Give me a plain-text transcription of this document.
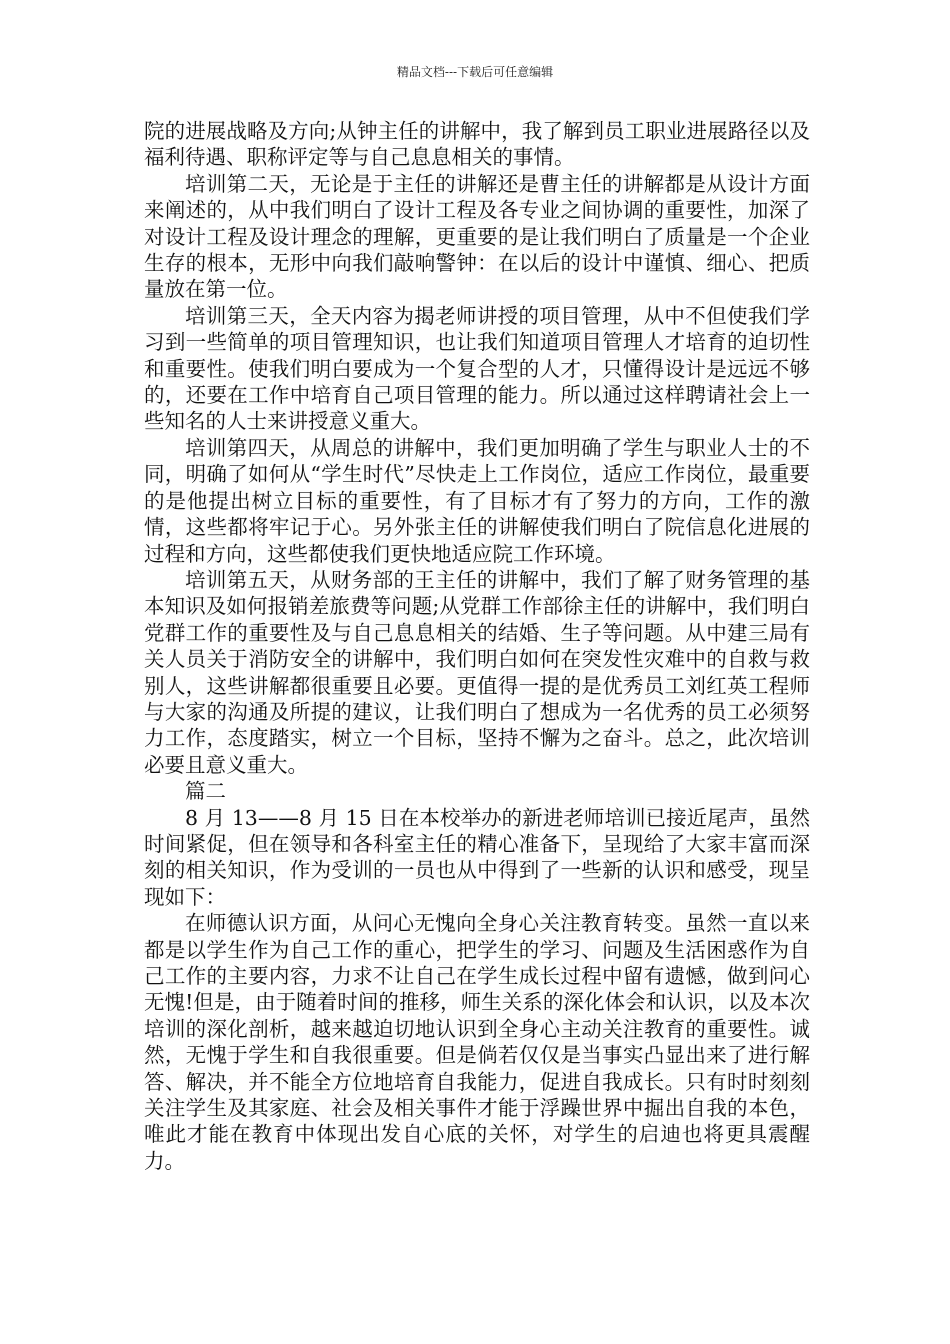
精品文档---下载后可任意编辑

院的进展战略及方向;从钟主任的讲解中，我了解到员工职业进展路径以及福利待遇、职称评定等与自己息息相关的事情。

培训第二天，无论是于主任的讲解还是曹主任的讲解都是从设计方面来阐述的，从中我们明白了设计工程及各专业之间协调的重要性，加深了对设计工程及设计理念的理解，更重要的是让我们明白了质量是一个企业生存的根本，无形中向我们敲响警钟：在以后的设计中谨慎、细心、把质量放在第一位。

培训第三天，全天内容为揭老师讲授的项目管理，从中不但使我们学习到一些简单的项目管理知识，也让我们知道项目管理人才培育的迫切性和重要性。使我们明白要成为一个复合型的人才，只懂得设计是远远不够的，还要在工作中培育自己项目管理的能力。所以通过这样聘请社会上一些知名的人士来讲授意义重大。

培训第四天，从周总的讲解中，我们更加明确了学生与职业人士的不同，明确了如何从“学生时代”尽快走上工作岗位，适应工作岗位，最重要的是他提出树立目标的重要性，有了目标才有了努力的方向，工作的激情，这些都将牢记于心。另外张主任的讲解使我们明白了院信息化进展的过程和方向，这些都使我们更快地适应院工作环境。

培训第五天，从财务部的王主任的讲解中，我们了解了财务管理的基本知识及如何报销差旅费等问题;从党群工作部徐主任的讲解中，我们明白党群工作的重要性及与自己息息相关的结婚、生子等问题。从中建三局有关人员关于消防安全的讲解中，我们明白如何在突发性灾难中的自救与救别人，这些讲解都很重要且必要。更值得一提的是优秀员工刘红英工程师与大家的沟通及所提的建议，让我们明白了想成为一名优秀的员工必须努力工作，态度踏实，树立一个目标，坚持不懈为之奋斗。总之，此次培训必要且意义重大。

篇二

8 月 13——8 月 15 日在本校举办的新进老师培训已接近尾声，虽然时间紧促，但在领导和各科室主任的精心准备下，呈现给了大家丰富而深刻的相关知识，作为受训的一员也从中得到了一些新的认识和感受，现呈现如下：

在师德认识方面，从问心无愧向全身心关注教育转变。虽然一直以来都是以学生作为自己工作的重心，把学生的学习、问题及生活困惑作为自己工作的主要内容，力求不让自己在学生成长过程中留有遗憾，做到问心无愧!但是，由于随着时间的推移，师生关系的深化体会和认识，以及本次培训的深化剖析，越来越迫切地认识到全身心主动关注教育的重要性。诚然，无愧于学生和自我很重要。但是倘若仅仅是当事实凸显出来了进行解答、解决，并不能全方位地培育自我能力，促进自我成长。只有时时刻刻关注学生及其家庭、社会及相关事件才能于浮躁世界中掘出自我的本色，唯此才能在教育中体现出发自心底的关怀，对学生的启迪也将更具震醒力。
